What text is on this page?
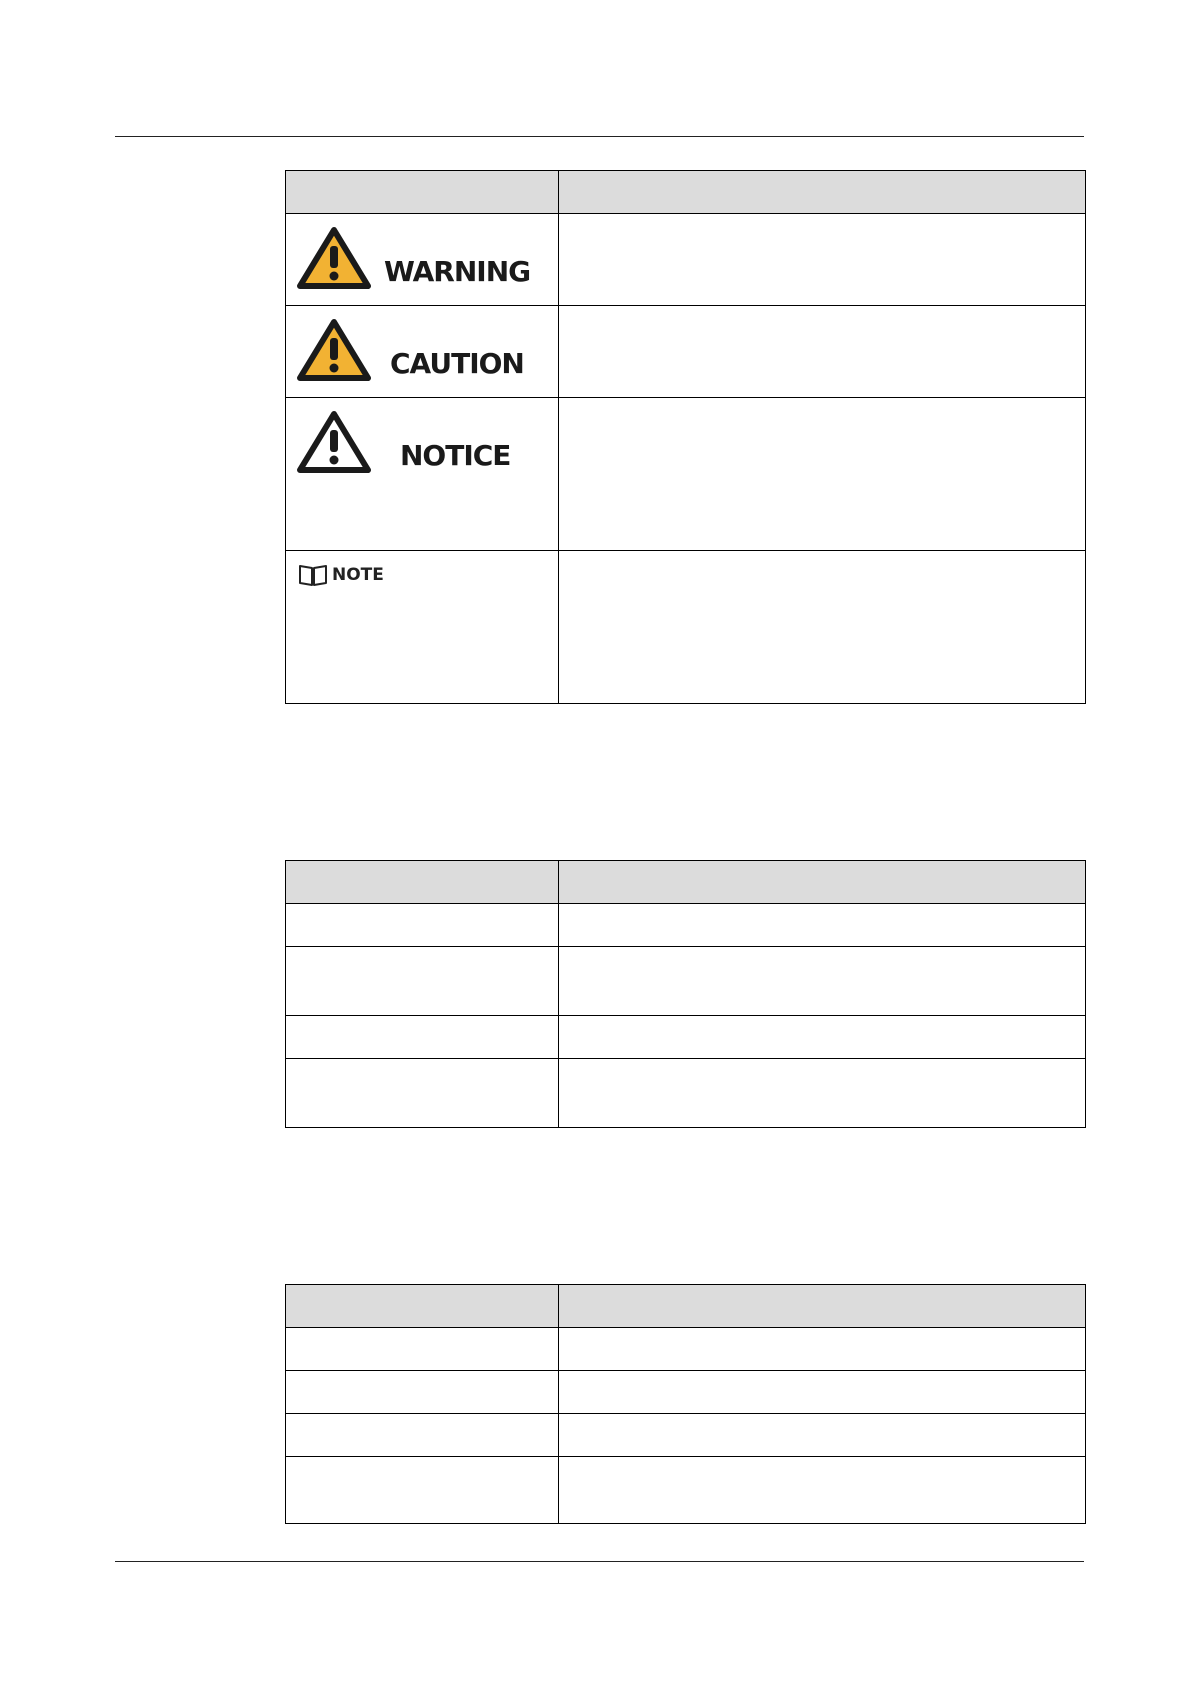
WARNING	

CAUTION	

NOTICE	

NOTE	
